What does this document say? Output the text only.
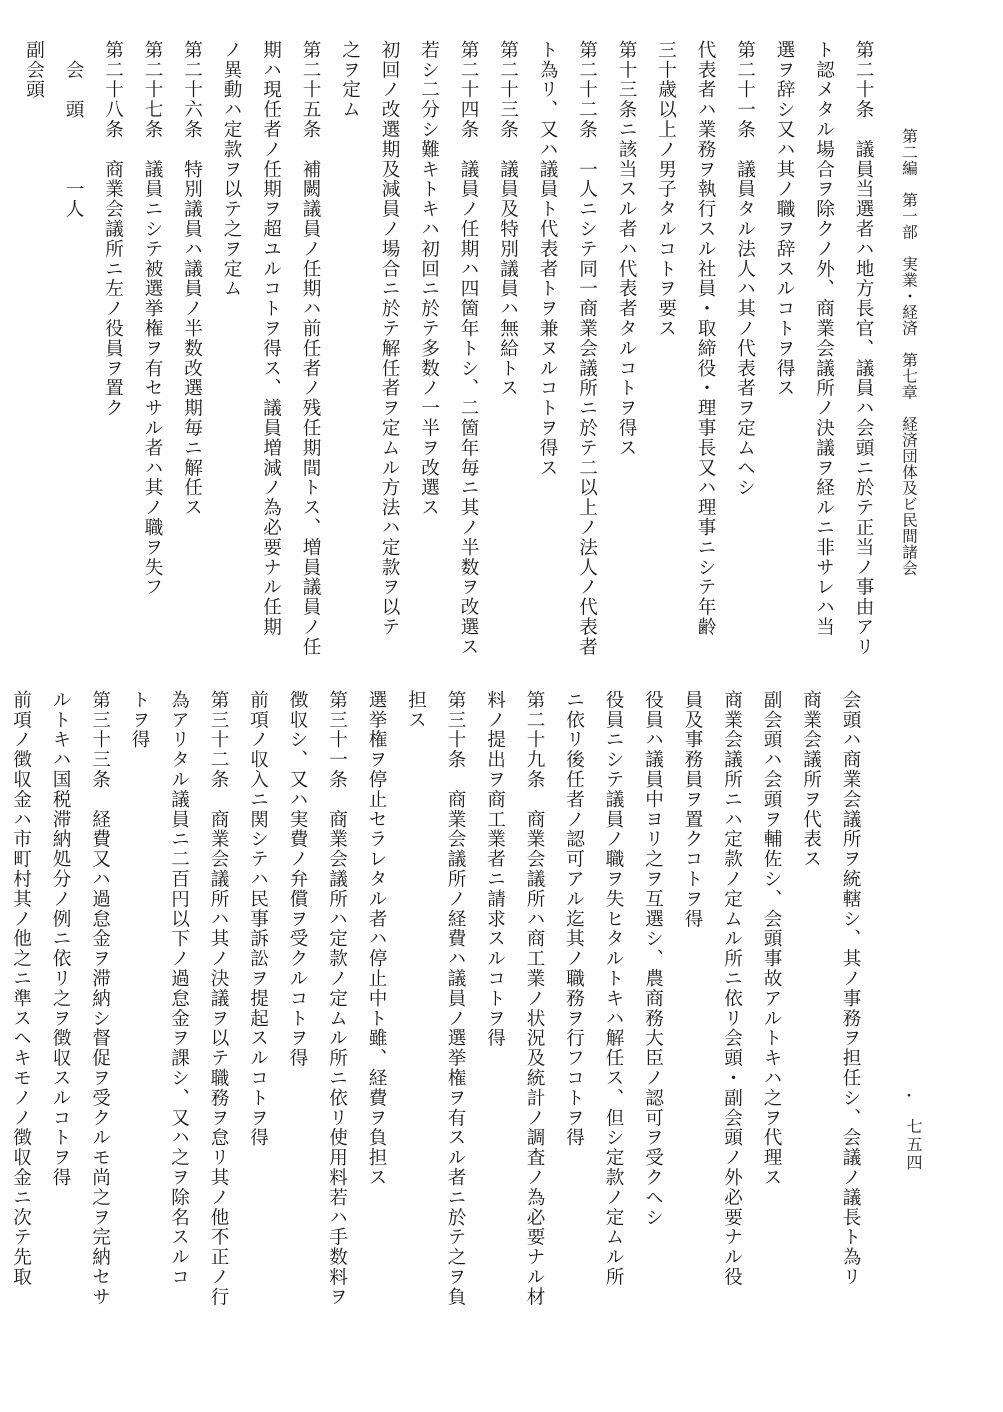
第二編　第一部　実業・経済　第七章　経済団体及ビ民間諸会
七五四
・
第二十条　議員当選者ハ地方長官、議員ハ会頭ニ於テ正当ノ事由アリ
ト認メタル場合ヲ除クノ外、商業会議所ノ決議ヲ経ルニ非サレハ当
選ヲ辞シ又ハ其ノ職ヲ辞スルコトヲ得ス
第二十一条　議員タル法人ハ其ノ代表者ヲ定ムヘシ
代表者ハ業務ヲ執行スル社員・取締役・理事長又ハ理事ニシテ年齢
三十歳以上ノ男子タルコトヲ要ス
第十三条ニ該当スル者ハ代表者タルコトヲ得ス
第二十二条　一人ニシテ同一商業会議所ニ於テ二以上ノ法人ノ代表者
ト為リ、又ハ議員ト代表者トヲ兼ヌルコトヲ得ス
第二十三条　議員及特別議員ハ無給トス
第二十四条　議員ノ任期ハ四箇年トシ、二箇年毎ニ其ノ半数ヲ改選ス
若シ二分シ難キトキハ初回ニ於テ多数ノ一半ヲ改選ス
初回ノ改選期及減員ノ場合ニ於テ解任者ヲ定ムル方法ハ定款ヲ以テ
之ヲ定ム
第二十五条　補闕議員ノ任期ハ前任者ノ残任期間トス、増員議員ノ任
期ハ現任者ノ任期ヲ超ユルコトヲ得ス、議員増減ノ為必要ナル任期
ノ異動ハ定款ヲ以テ之ヲ定ム
第二十六条　特別議員ハ議員ノ半数改選期毎ニ解任ス
第二十七条　議員ニシテ被選挙権ヲ有セサル者ハ其ノ職ヲ失フ
第二十八条　商業会議所ニ左ノ役員ヲ置ク
　会　頭　　　一人
副会頭
会頭ハ商業会議所ヲ統轄シ、其ノ事務ヲ担任シ、会議ノ議長ト為リ
商業会議所ヲ代表ス
副会頭ハ会頭ヲ輔佐シ、会頭事故アルトキハ之ヲ代理ス
商業会議所ニハ定款ノ定ムル所ニ依リ会頭・副会頭ノ外必要ナル役
員及事務員ヲ置クコトヲ得
役員ハ議員中ヨリ之ヲ互選シ、農商務大臣ノ認可ヲ受クヘシ
役員ニシテ議員ノ職ヲ失ヒタルトキハ解任ス、但シ定款ノ定ムル所
ニ依リ後任者ノ認可アル迄其ノ職務ヲ行フコトヲ得
第二十九条　商業会議所ハ商工業ノ状況及統計ノ調査ノ為必要ナル材
料ノ提出ヲ商工業者ニ請求スルコトヲ得
第三十条　商業会議所ノ経費ハ議員ノ選挙権ヲ有スル者ニ於テ之ヲ負
担ス
選挙権ヲ停止セラレタル者ハ停止中ト雖、経費ヲ負担ス
第三十一条　商業会議所ハ定款ノ定ムル所ニ依リ使用料若ハ手数料ヲ
徴収シ、又ハ実費ノ弁償ヲ受クルコトヲ得
前項ノ収入ニ関シテハ民事訴訟ヲ提起スルコトヲ得
第三十二条　商業会議所ハ其ノ決議ヲ以テ職務ヲ怠リ其ノ他不正ノ行
為アリタル議員ニ二百円以下ノ過怠金ヲ課シ、又ハ之ヲ除名スルコ
トヲ得
第三十三条　経費又ハ過怠金ヲ滞納シ督促ヲ受クルモ尚之ヲ完納セサ
ルトキハ国税滞納処分ノ例ニ依リ之ヲ徴収スルコトヲ得
前項ノ徴収金ハ市町村其ノ他之ニ準スヘキモノノ徴収金ニ次テ先取
